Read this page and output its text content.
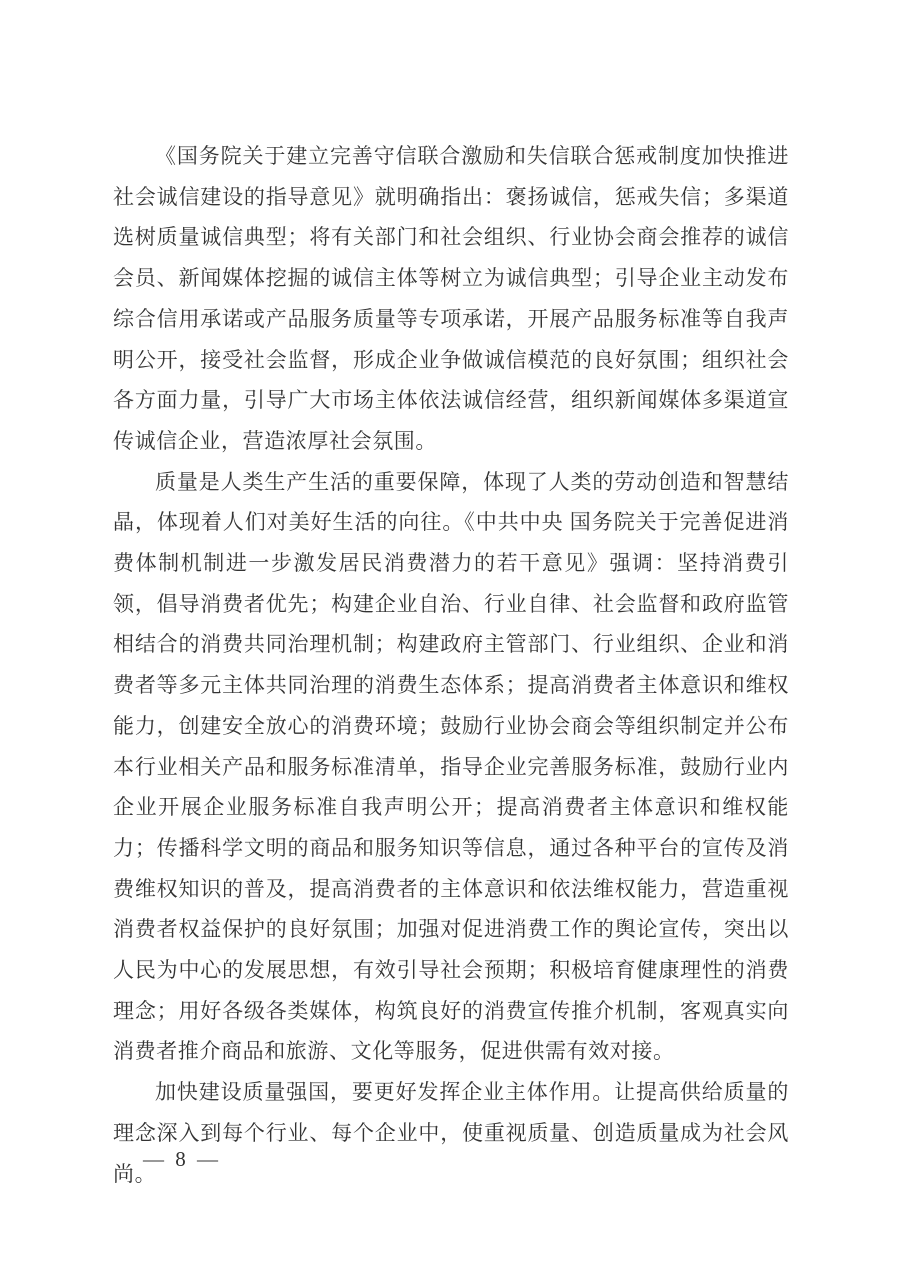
《国务院关于建立完善守信联合激励和失信联合惩戒制度加快推进社会诚信建设的指导意见》就明确指出：褒扬诚信，惩戒失信；多渠道选树质量诚信典型；将有关部门和社会组织、行业协会商会推荐的诚信会员、新闻媒体挖掘的诚信主体等树立为诚信典型；引导企业主动发布综合信用承诺或产品服务质量等专项承诺，开展产品服务标准等自我声明公开，接受社会监督，形成企业争做诚信模范的良好氛围；组织社会各方面力量，引导广大市场主体依法诚信经营，组织新闻媒体多渠道宣传诚信企业，营造浓厚社会氛围。

质量是人类生产生活的重要保障，体现了人类的劳动创造和智慧结晶，体现着人们对美好生活的向往。《中共中央 国务院关于完善促进消费体制机制进一步激发居民消费潜力的若干意见》强调：坚持消费引领，倡导消费者优先；构建企业自治、行业自律、社会监督和政府监管相结合的消费共同治理机制；构建政府主管部门、行业组织、企业和消费者等多元主体共同治理的消费生态体系；提高消费者主体意识和维权能力，创建安全放心的消费环境；鼓励行业协会商会等组织制定并公布本行业相关产品和服务标准清单，指导企业完善服务标准，鼓励行业内企业开展企业服务标准自我声明公开；提高消费者主体意识和维权能力；传播科学文明的商品和服务知识等信息，通过各种平台的宣传及消费维权知识的普及，提高消费者的主体意识和依法维权能力，营造重视消费者权益保护的良好氛围；加强对促进消费工作的舆论宣传，突出以人民为中心的发展思想，有效引导社会预期；积极培育健康理性的消费理念；用好各级各类媒体，构筑良好的消费宣传推介机制，客观真实向消费者推介商品和旅游、文化等服务，促进供需有效对接。

加快建设质量强国，要更好发挥企业主体作用。让提高供给质量的理念深入到每个行业、每个企业中，使重视质量、创造质量成为社会风尚。

— 8 —
